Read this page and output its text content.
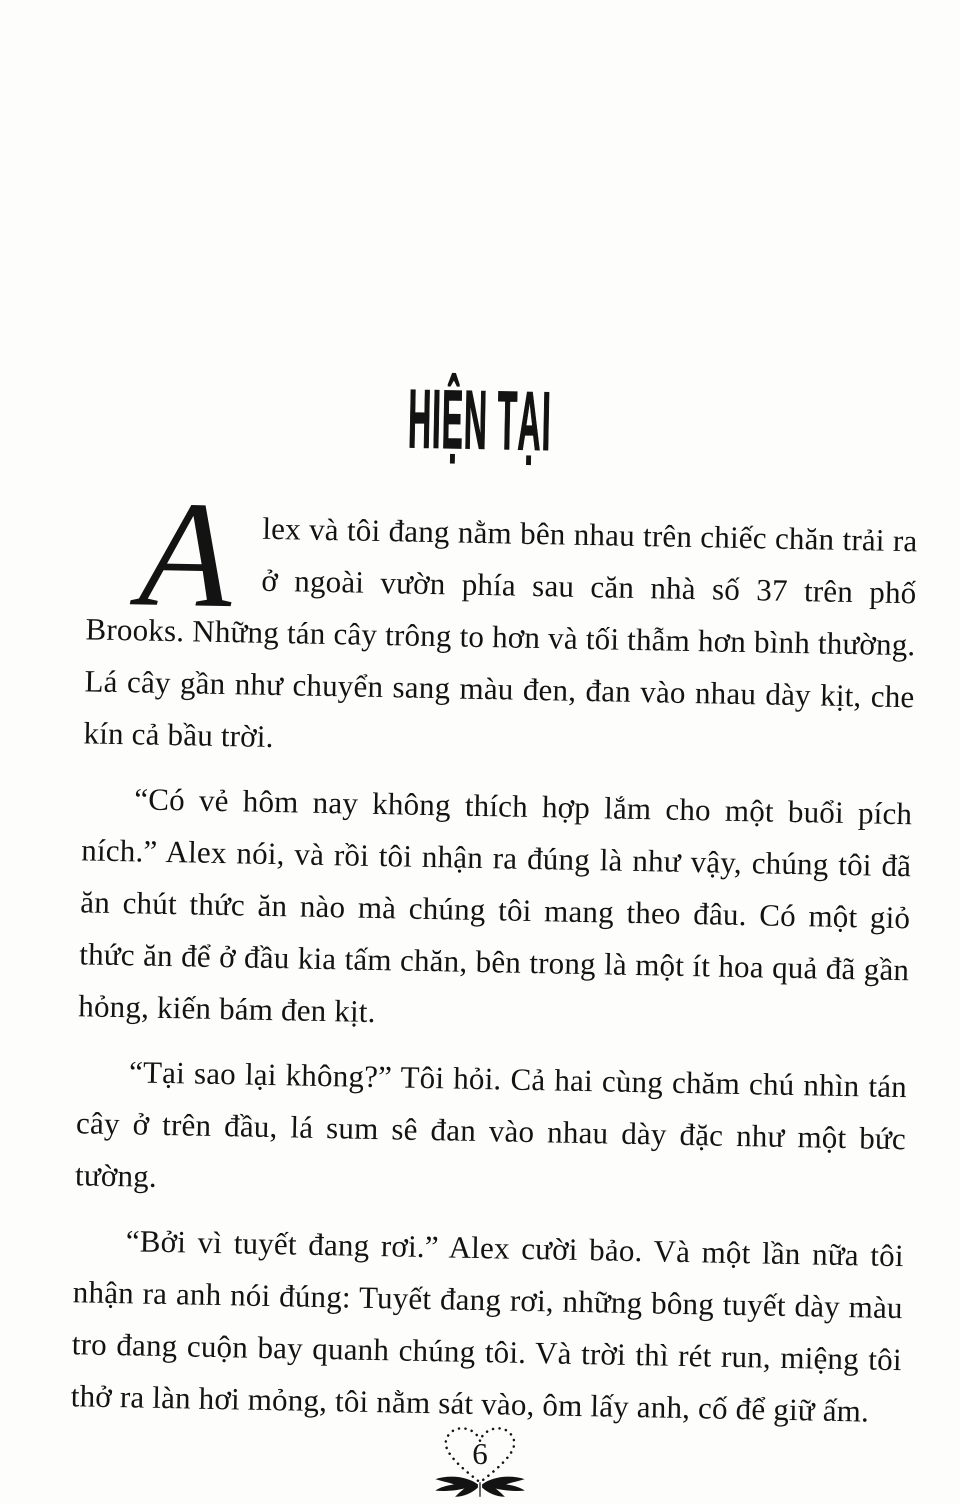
HIỆN TẠI

A lex và tôi đang nằm bên nhau trên chiếc chăn trải ra ở ngoài vườn phía sau căn nhà số 37 trên phố Brooks. Những tán cây trông to hơn và tối thẫm hơn bình thường. Lá cây gần như chuyển sang màu đen, đan vào nhau dày kịt, che kín cả bầu trời.

“Có vẻ hôm nay không thích hợp lắm cho một buổi pích ních.” Alex nói, và rồi tôi nhận ra đúng là như vậy, chúng tôi đã ăn chút thức ăn nào mà chúng tôi mang theo đâu. Có một giỏ thức ăn để ở đầu kia tấm chăn, bên trong là một ít hoa quả đã gần hỏng, kiến bám đen kịt.

“Tại sao lại không?” Tôi hỏi. Cả hai cùng chăm chú nhìn tán cây ở trên đầu, lá sum sê đan vào nhau dày đặc như một bức tường.

“Bởi vì tuyết đang rơi.” Alex cười bảo. Và một lần nữa tôi nhận ra anh nói đúng: Tuyết đang rơi, những bông tuyết dày màu tro đang cuộn bay quanh chúng tôi. Và trời thì rét run, miệng tôi thở ra làn hơi mỏng, tôi nằm sát vào, ôm lấy anh, cố để giữ ấm.

6
